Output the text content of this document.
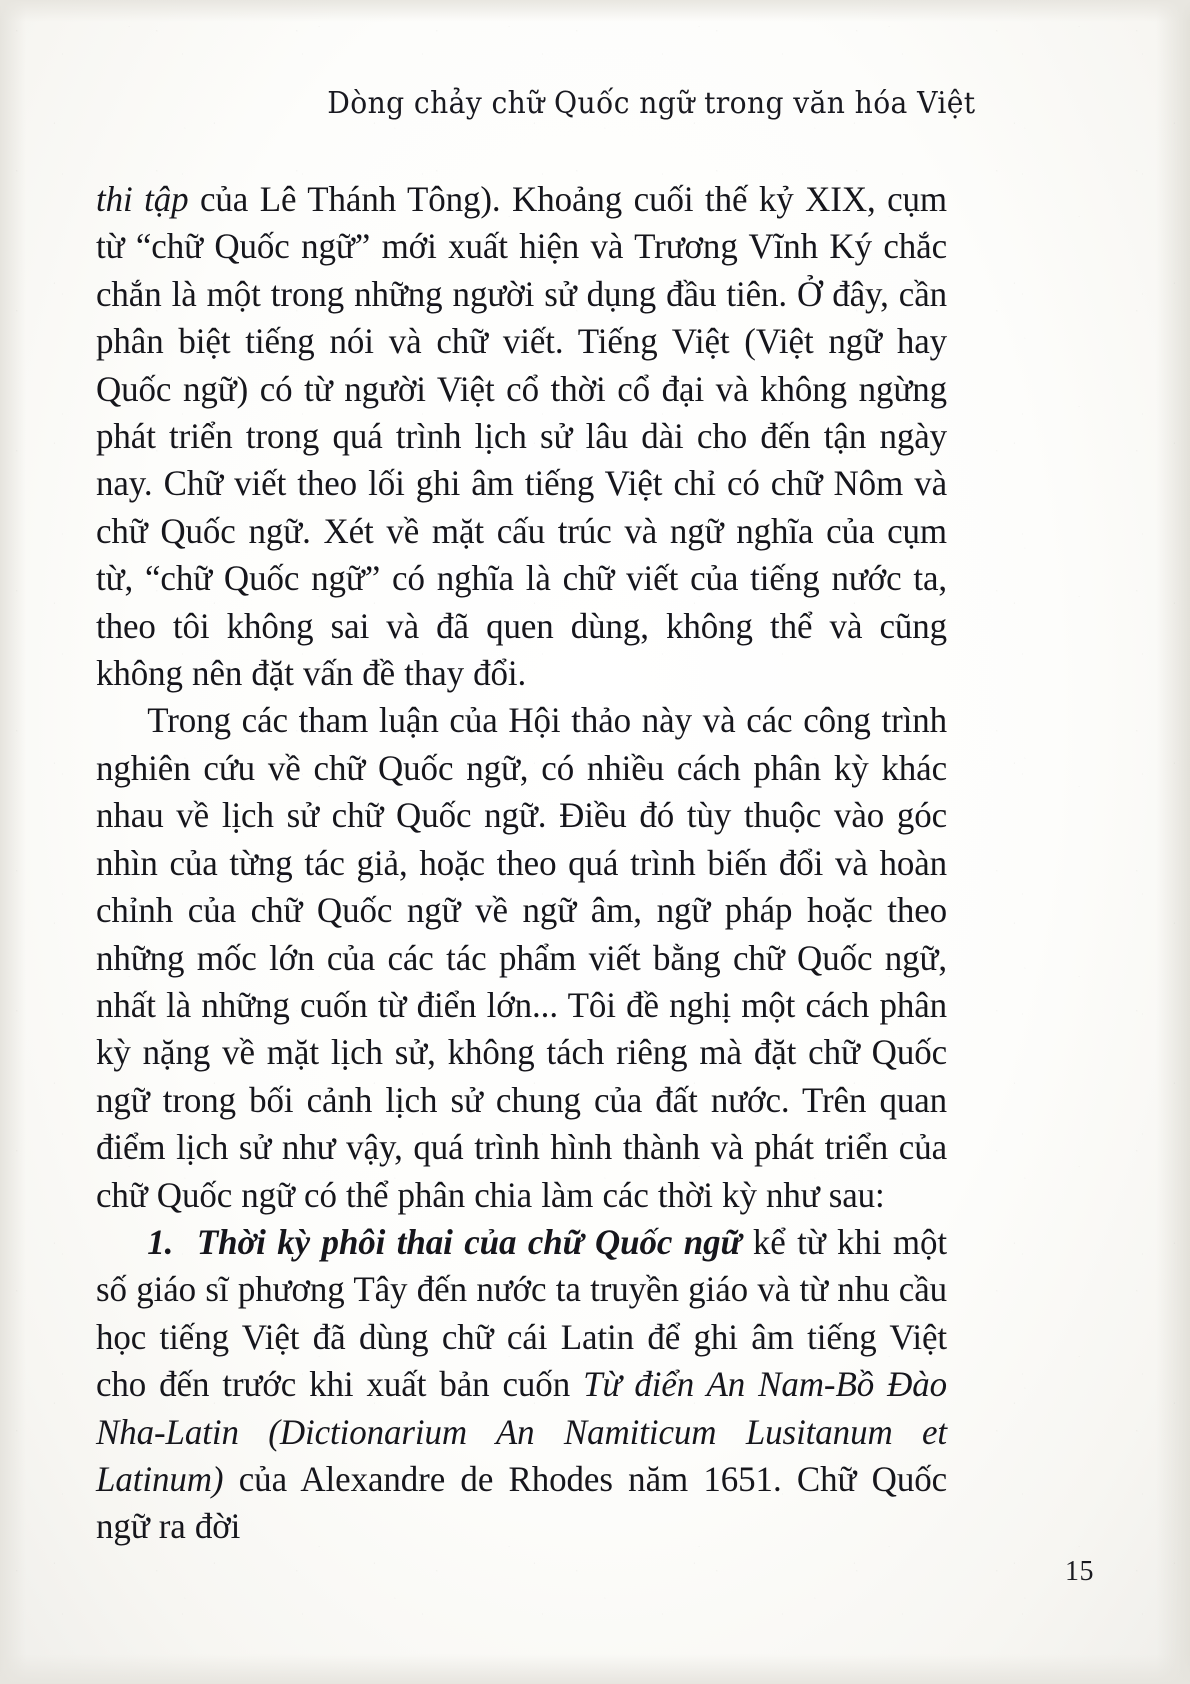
Dòng chảy chữ Quốc ngữ trong văn hóa Việt

thi tập của Lê Thánh Tông). Khoảng cuối thế kỷ XIX, cụm từ “chữ Quốc ngữ” mới xuất hiện và Trương Vĩnh Ký chắc chắn là một trong những người sử dụng đầu tiên. Ở đây, cần phân biệt tiếng nói và chữ viết. Tiếng Việt (Việt ngữ hay Quốc ngữ) có từ người Việt cổ thời cổ đại và không ngừng phát triển trong quá trình lịch sử lâu dài cho đến tận ngày nay. Chữ viết theo lối ghi âm tiếng Việt chỉ có chữ Nôm và chữ Quốc ngữ. Xét về mặt cấu trúc và ngữ nghĩa của cụm từ, “chữ Quốc ngữ” có nghĩa là chữ viết của tiếng nước ta, theo tôi không sai và đã quen dùng, không thể và cũng không nên đặt vấn đề thay đổi.

Trong các tham luận của Hội thảo này và các công trình nghiên cứu về chữ Quốc ngữ, có nhiều cách phân kỳ khác nhau về lịch sử chữ Quốc ngữ. Điều đó tùy thuộc vào góc nhìn của từng tác giả, hoặc theo quá trình biến đổi và hoàn chỉnh của chữ Quốc ngữ về ngữ âm, ngữ pháp hoặc theo những mốc lớn của các tác phẩm viết bằng chữ Quốc ngữ, nhất là những cuốn từ điển lớn... Tôi đề nghị một cách phân kỳ nặng về mặt lịch sử, không tách riêng mà đặt chữ Quốc ngữ trong bối cảnh lịch sử chung của đất nước. Trên quan điểm lịch sử như vậy, quá trình hình thành và phát triển của chữ Quốc ngữ có thể phân chia làm các thời kỳ như sau:

1. Thời kỳ phôi thai của chữ Quốc ngữ kể từ khi một số giáo sĩ phương Tây đến nước ta truyền giáo và từ nhu cầu học tiếng Việt đã dùng chữ cái Latin để ghi âm tiếng Việt cho đến trước khi xuất bản cuốn Từ điển An Nam-Bồ Đào Nha-Latin (Dictionarium An Namiticum Lusitanum et Latinum) của Alexandre de Rhodes năm 1651. Chữ Quốc ngữ ra đời

15
